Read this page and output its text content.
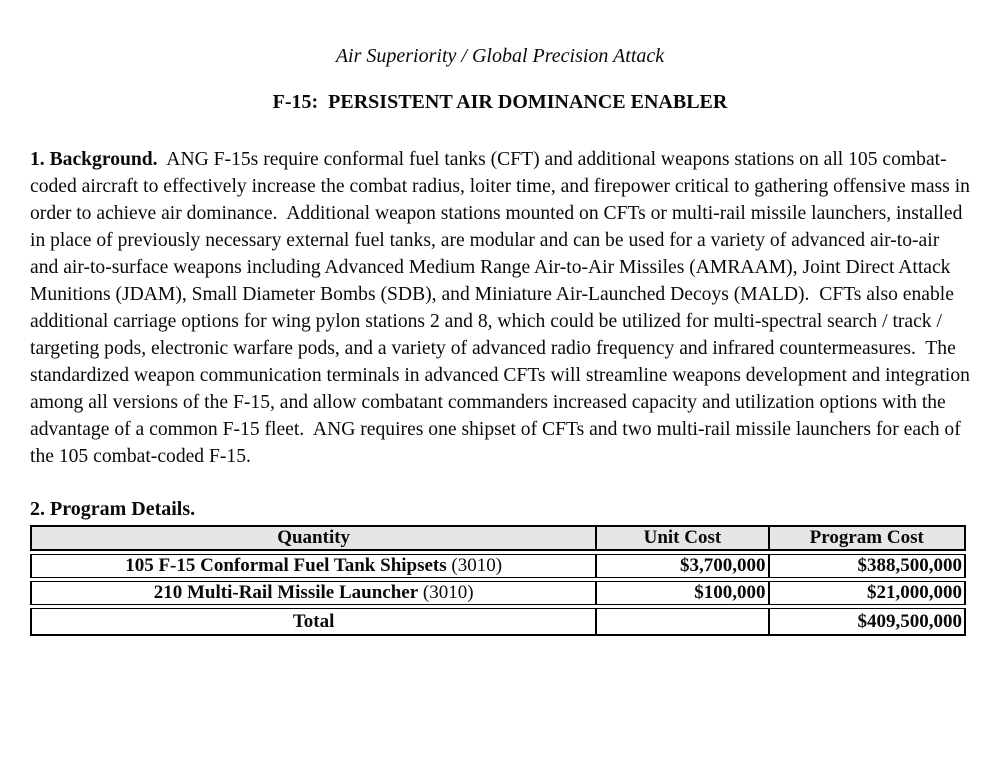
Air Superiority / Global Precision Attack
F-15:  PERSISTENT AIR DOMINANCE ENABLER

1. Background.  ANG F-15s require conformal fuel tanks (CFT) and additional weapons stations on all 105 combat-coded aircraft to effectively increase the combat radius, loiter time, and firepower critical to gathering offensive mass in order to achieve air dominance.  Additional weapon stations mounted on CFTs or multi-rail missile launchers, installed in place of previously necessary external fuel tanks, are modular and can be used for a variety of advanced air-to-air and air-to-surface weapons including Advanced Medium Range Air-to-Air Missiles (AMRAAM), Joint Direct Attack Munitions (JDAM), Small Diameter Bombs (SDB), and Miniature Air-Launched Decoys (MALD).  CFTs also enable additional carriage options for wing pylon stations 2 and 8, which could be utilized for multi-spectral search / track / targeting pods, electronic warfare pods, and a variety of advanced radio frequency and infrared countermeasures.  The standardized weapon communication terminals in advanced CFTs will streamline weapons development and integration among all versions of the F-15, and allow combatant commanders increased capacity and utilization options with the advantage of a common F-15 fleet.  ANG requires one shipset of CFTs and two multi-rail missile launchers for each of the 105 combat-coded F-15.

2. Program Details.
Quantity	Unit Cost	Program Cost
105 F-15 Conformal Fuel Tank Shipsets (3010)	$3,700,000	$388,500,000
210 Multi-Rail Missile Launcher (3010)	$100,000	$21,000,000
Total		$409,500,000
